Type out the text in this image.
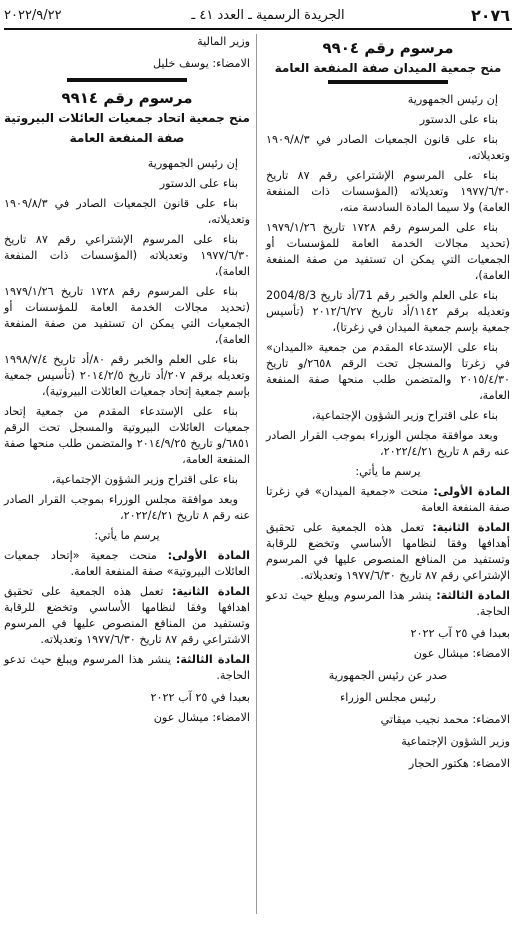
٢٠٧٦
الجريدة الرسمية ـ العدد ٤١ ـ
٢٠٢٢/٩/٢٢
مرسوم رقم ٩٩٠٤
منح جمعية الميدان صفة المنفعة العامة

إن رئيس الجمهورية

بناء على الدستور

بناء على قانون الجمعيات الصادر في ١٩٠٩/٨/٣ وتعديلاته،

بناء على المرسوم الإشتراعي رقم ٨٧ تاريخ ١٩٧٧/٦/٣٠ وتعديلاته (المؤسسات ذات المنفعة العامة) ولا سيما المادة السادسة منه،

بناء على المرسوم رقم ١٧٢٨ تاريخ ١٩٧٩/١/٢٦ (تحديد مجالات الخدمة العامة للمؤسسات أو الجمعيات التي يمكن ان تستفيد من صفة المنفعة العامة)،

بناء على العلم والخبر رقم 71/أد تاريخ 2004/8/3 وتعديله برقم ١١٤٢/أد تاريخ ٢٠١٢/٦/٢٧ (تأسيس جمعية بإسم جمعية الميدان في زغرتا)،

بناء على الإستدعاء المقدم من جمعية «الميدان» في زغرتا والمسجل تحت الرقم ٢٦٥٨/و تاريخ ٢٠١٥/٤/٣٠ والمتضمن طلب منحها صفة المنفعة العامة،

بناء على اقتراح وزير الشؤون الإجتماعية،

وبعد موافقة مجلس الوزراء بموجب القرار الصادر عنه رقم ٨ تاريخ ٢٠٢٢/٤/٢١،

يرسم ما يأتي:

المادة الأولى: منحت «جمعية الميدان» في زغرتا صفة المنفعة العامة

المادة الثانية: تعمل هذه الجمعية على تحقيق أهدافها وفقا لنظامها الأساسي وتخضع للرقابة وتستفيد من المنافع المنصوص عليها في المرسوم الإشتراعي رقم ٨٧ تاريخ ١٩٧٧/٦/٣٠ وتعديلاته.

المادة الثالثة: ينشر هذا المرسوم ويبلغ حيث تدعو الحاجة.

بعبدا في ٢٥ آب ٢٠٢٢

الامضاء: ميشال عون

صدر عن رئيس الجمهورية

رئيس مجلس الوزراء

الامضاء: محمد نجيب ميقاتي

وزير الشؤون الإجتماعية

الامضاء: هكتور الحجار

وزير المالية

الامضاء: يوسف خليل

مرسوم رقم ٩٩١٤
منح جمعية اتحاد جمعيات العائلات البيروتية
صفة المنفعة العامة

إن رئيس الجمهورية

بناء على الدستور

بناء على قانون الجمعيات الصادر في ١٩٠٩/٨/٣ وتعديلاته،

بناء على المرسوم الإشتراعي رقم ٨٧ تاريخ ١٩٧٧/٦/٣٠ وتعديلاته (المؤسسات ذات المنفعة العامة)،

بناء على المرسوم رقم ١٧٢٨ تاريخ ١٩٧٩/١/٢٦ (تحديد مجالات الخدمة العامة للمؤسسات أو الجمعيات التي يمكن ان تستفيد من صفة المنفعة العامة)،

بناء على العلم والخبر رقم ٨٠/أد تاريخ ١٩٩٨/٧/٤ وتعديله برقم ٢٠٧/أد تاريخ ٢٠١٤/٢/٥ (تأسيس جمعية بإسم جمعية إتحاد جمعيات العائلات البيروتية)،

بناء على الإستدعاء المقدم من جمعية إتحاد جمعيات العائلات البيروتية والمسجل تحت الرقم ٦٨٥١/و تاريخ ٢٠١٤/٩/٢٥ والمتضمن طلب منحها صفة المنفعة العامة،

بناء على اقتراح وزير الشؤون الإجتماعية،

وبعد موافقة مجلس الوزراء بموجب القرار الصادر عنه رقم ٨ تاريخ ٢٠٢٢/٤/٢١،

يرسم ما يأتي:

المادة الأولى: منحت جمعية «إتحاد جمعيات العائلات البيروتية» صفة المنفعة العامة.

المادة الثانية: تعمل هذه الجمعية على تحقيق اهدافها وفقا لنظامها الأساسي وتخضع للرقابة وتستفيد من المنافع المنصوص عليها في المرسوم الاشتراعي رقم ٨٧ تاريخ ١٩٧٧/٦/٣٠ وتعديلاته.

المادة الثالثة: ينشر هذا المرسوم ويبلغ حيث تدعو الحاجة.

بعبدا في ٢٥ آب ٢٠٢٢

الامضاء: ميشال عون
